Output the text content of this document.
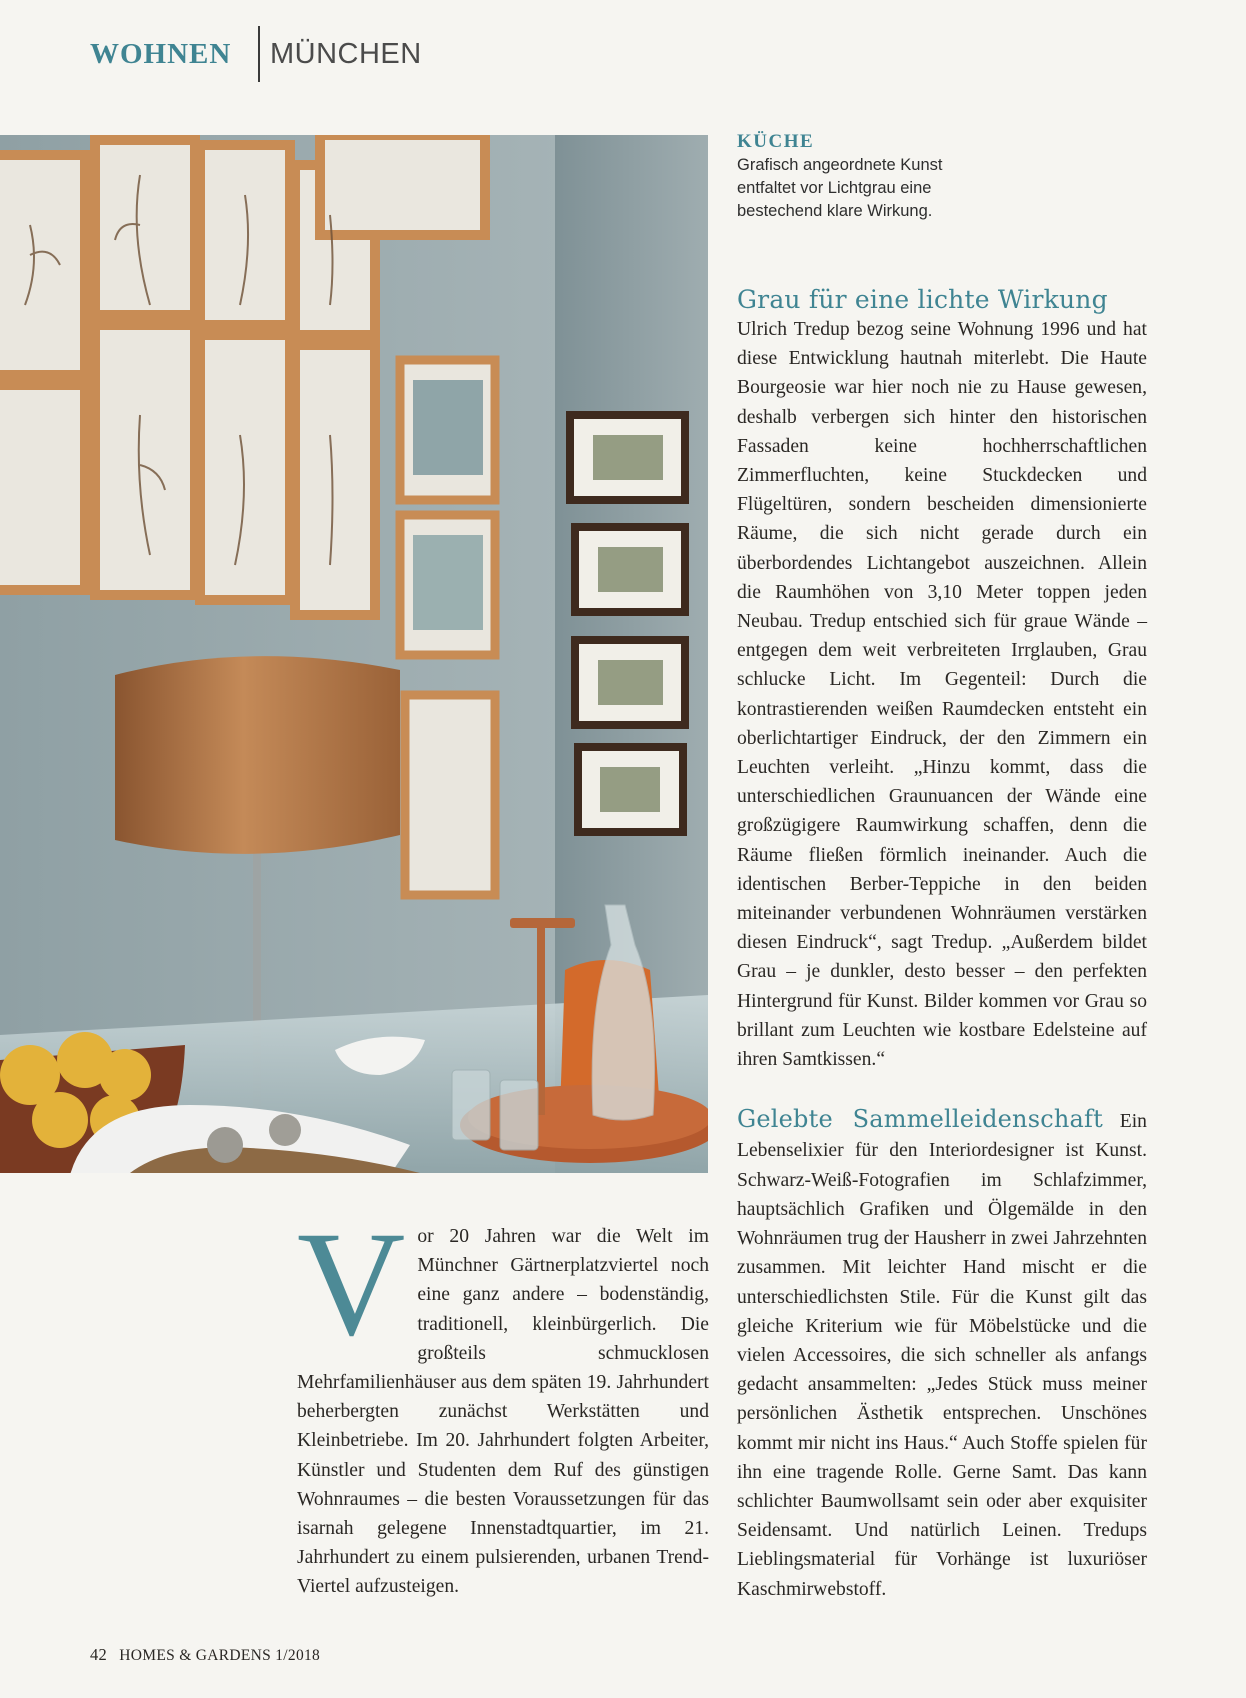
WOHNEN MÜNCHEN
KÜCHE
Grafisch angeordnete Kunst entfaltet vor Lichtgrau eine bestechend klare Wirkung.
Grau für eine lichte Wirkung
Ulrich Tredup bezog seine Wohnung 1996 und hat diese Entwicklung hautnah miterlebt. Die Haute Bourgeosie war hier noch nie zu Hause gewesen, deshalb verbergen sich hinter den historischen Fassaden keine hochherrschaftlichen Zimmerfluchten, keine Stuckdecken und Flügeltüren, sondern bescheiden dimensionierte Räume, die sich nicht gerade durch ein überbordendes Lichtangebot auszeichnen. Allein die Raumhöhen von 3,10 Meter toppen jeden Neubau. Tredup entschied sich für graue Wände – entgegen dem weit verbreiteten Irrglauben, Grau schlucke Licht. Im Gegenteil: Durch die kontrastierenden weißen Raumdecken entsteht ein oberlichtartiger Eindruck, der den Zimmern ein Leuchten verleiht. „Hinzu kommt, dass die unterschiedlichen Graunuancen der Wände eine großzügigere Raumwirkung schaffen, denn die Räume fließen förmlich ineinander. Auch die identischen Berber-Teppiche in den beiden miteinander verbundenen Wohnräumen verstärken diesen Eindruck“, sagt Tredup. „Außerdem bildet Grau – je dunkler, desto besser – den perfekten Hintergrund für Kunst. Bilder kommen vor Grau so brillant zum Leuchten wie kostbare Edelsteine auf ihren Samtkissen.“
Gelebte Sammelleidenschaft Ein Lebenselixier für den Interiordesigner ist Kunst. Schwarz-Weiß-Fotografien im Schlafzimmer, hauptsächlich Grafiken und Ölgemälde in den Wohnräumen trug der Hausherr in zwei Jahrzehnten zusammen. Mit leichter Hand mischt er die unterschiedlichsten Stile. Für die Kunst gilt das gleiche Kriterium wie für Möbelstücke und die vielen Accessoires, die sich schneller als anfangs gedacht ansammelten: „Jedes Stück muss meiner persönlichen Ästhetik entsprechen. Unschönes kommt mir nicht ins Haus.“ Auch Stoffe spielen für ihn eine tragende Rolle. Gerne Samt. Das kann schlichter Baumwollsamt sein oder aber exquisiter Seidensamt. Und natürlich Leinen. Tredups Lieblingsmaterial für Vorhänge ist luxuriöser Kaschmirwebstoff.
V or 20 Jahren war die Welt im Münchner Gärtnerplatzviertel noch eine ganz andere – bodenständig, traditionell, kleinbürgerlich. Die großteils schmucklosen Mehrfamilienhäuser aus dem späten 19. Jahrhundert beherbergten zunächst Werkstätten und Kleinbetriebe. Im 20. Jahrhundert folgten Arbeiter, Künstler und Studenten dem Ruf des günstigen Wohnraumes – die besten Voraussetzungen für das isarnah gelegene Innenstadtquartier, im 21. Jahrhundert zu einem pulsierenden, urbanen Trend-Viertel aufzusteigen.
42 HOMES & GARDENS 1/2018
